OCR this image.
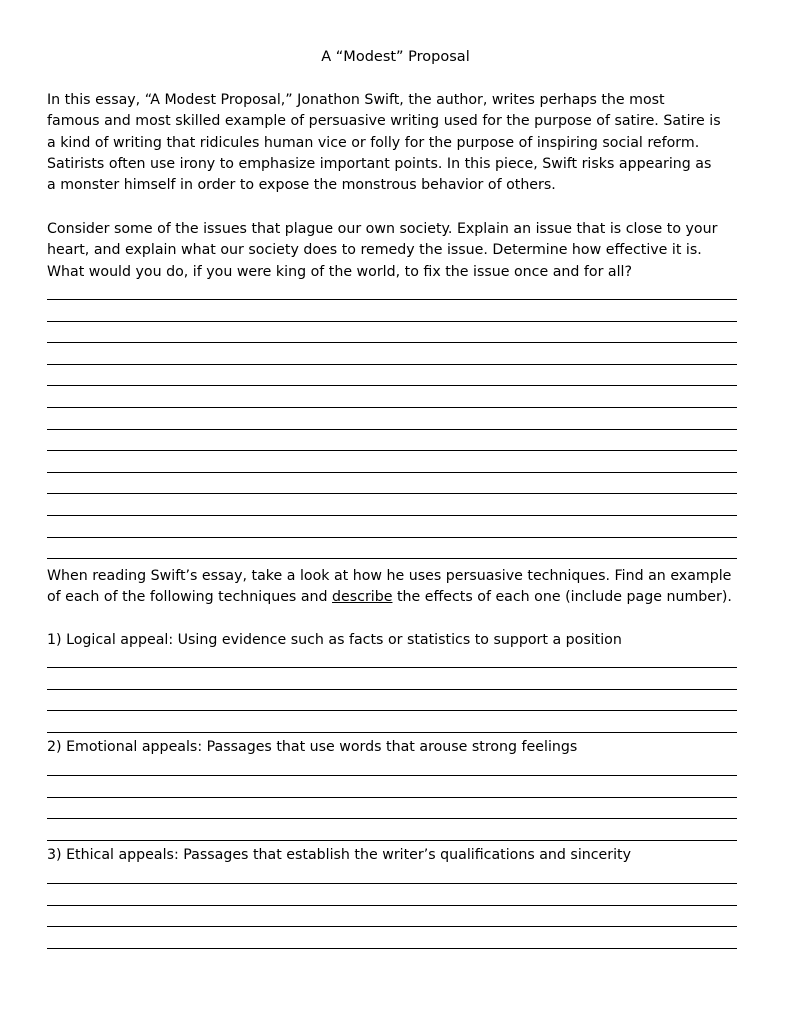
A “Modest” Proposal
In this essay, “A Modest Proposal,” Jonathon Swift, the author, writes perhaps the most
famous and most skilled example of persuasive writing used for the purpose of satire. Satire is
a kind of writing that ridicules human vice or folly for the purpose of inspiring social reform.
Satirists often use irony to emphasize important points. In this piece, Swift risks appearing as
a monster himself in order to expose the monstrous behavior of others.
Consider some of the issues that plague our own society. Explain an issue that is close to your
heart, and explain what our society does to remedy the issue. Determine how effective it is.
What would you do, if you were king of the world, to fix the issue once and for all?
When reading Swift’s essay, take a look at how he uses persuasive techniques. Find an example
of each of the following techniques and describe the effects of each one (include page number).
1) Logical appeal: Using evidence such as facts or statistics to support a position
2) Emotional appeals: Passages that use words that arouse strong feelings
3) Ethical appeals: Passages that establish the writer’s qualifications and sincerity
